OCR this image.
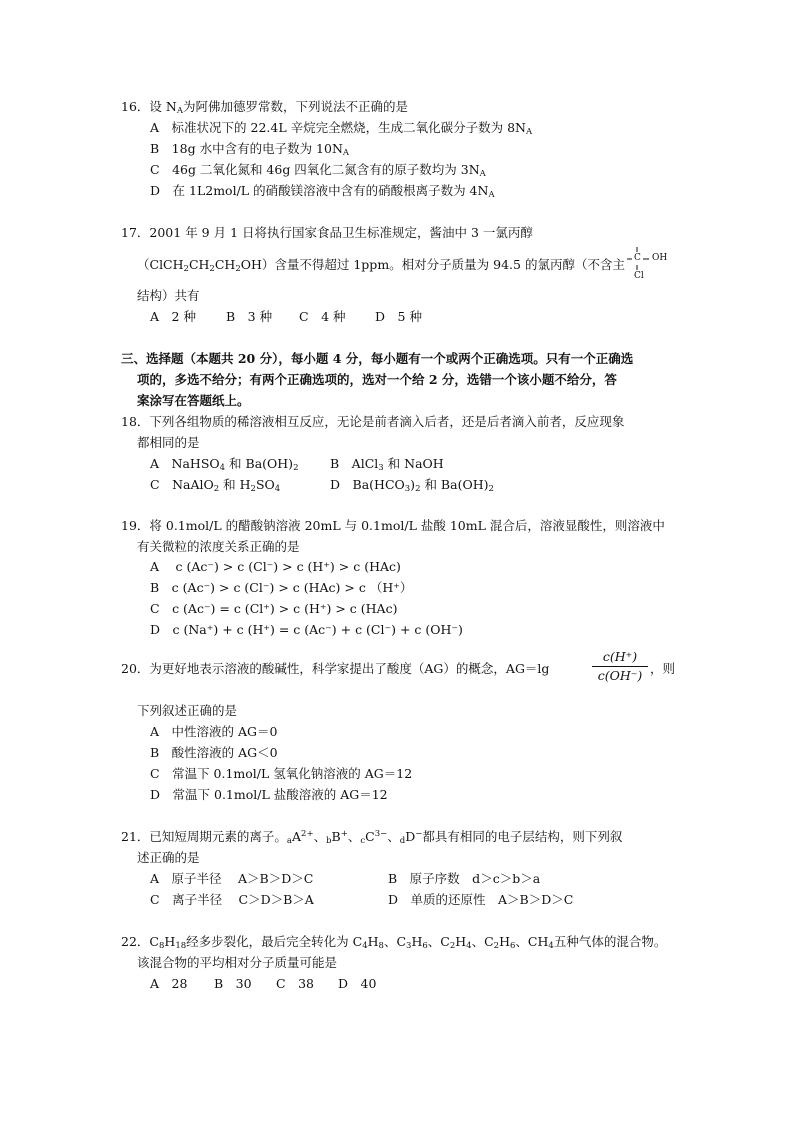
16．设 $N_A$为阿佛加德罗常数，下列说法不正确的是
A　标准状况下的 22.4L 辛烷完全燃烧，生成二氧化碳分子数为 $8N_A$
B　18g 水中含有的电子数为 $10N_A$
C　46g 二氧化氮和 46g 四氧化二氮含有的原子数均为 $3N_A$
D　在 1L2mol/L 的硝酸镁溶液中含有的硝酸根离子数为 $4N_A$
17．2001 年 9 月 1 日将执行国家食品卫生标准规定，酱油中 3 一氯丙醇
$(ClCH_2CH_2CH_2OH)$含量不得超过 1ppm。相对分子质量为 94.5 的氯丙醇（不含主 C OH
Cl
结构）共有
A　2 种 B　3 种 C　4 种 D　5 种
三、选择题（本题共 20 分），每小题 4 分，每小题有一个或两个正确选项。只有一个正确选
项的，多选不给分；有两个正确选项的，选对一个给 2 分，选错一个该小题不给分，答
案涂写在答题纸上。
18．下列各组物质的稀溶液相互反应，无论是前者滴入后者，还是后者滴入前者，反应现象
都相同的是
A　NaHSO$_4$ 和 $Ba(OH)_2$	B　AlCl$_3$ 和 NaOH
C　NaAlO$_2$ 和 $H_2SO_4$	D　$Ba(HCO_3)_2$ 和 $Ba(OH)_2$
19．将 0.1mol/L 的醋酸钠溶液 20mL 与 0.1mol/L 盐酸 10mL 混合后，溶液显酸性，则溶液中
有关微粒的浓度关系正确的是
A　 c (Ac⁻) > c (Cl⁻) > c (H⁺) > c (HAc)
B　c (Ac⁻) > c (Cl⁻) > c (HAc) > c （H⁺）
C　c (Ac⁻) = c (Cl⁺) > c (H⁺) > c (HAc)
D　c (Na⁺) + c (H⁺) = c (Ac⁻) + c (Cl⁻) + c (OH⁻)
20．为更好地表示溶液的酸碱性，科学家提出了酸度（AG）的概念，AG＝lg	$\frac{c(H^+)}{c(OH^-)}$ ，则
下列叙述正确的是
A　中性溶液的 AG＝0
B　酸性溶液的 AG＜0
C　常温下 0.1mol/L 氢氧化钠溶液的 AG＝12
D　常温下 0.1mol/L 盐酸溶液的 AG＝12
21．已知短周期元素的离子。$_aA^{2+}$、$_b$B+、$_cC^{3-}$、$_d$D−都具有相同的电子层结构，则下列叙
述正确的是
A　原子半径　 A＞B＞D＞C	B　原子序数　d＞c＞b＞a
C　离子半径　 C＞D＞B＞A	D　单质的还原性　A＞B＞D＞C
22．$C_8H_{18}$经多步裂化，最后完全转化为 $C_4H_8$、$C_3H_6$、$C_2H_4$、$C_2H_6$、$CH_4$五种气体的混合物。
该混合物的平均相对分子质量可能是
A　28 B　30 C　38 D　40
